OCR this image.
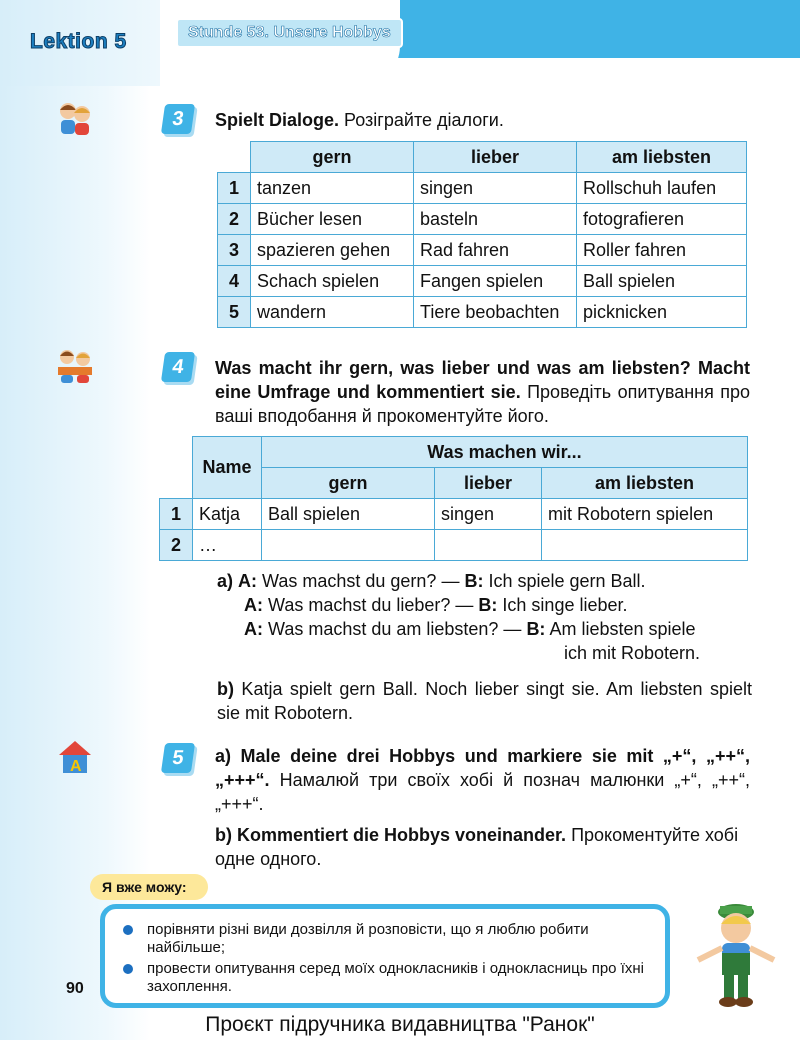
Lektion 5	Stunde 53. Unsere Hobbys
3	Spielt Dialoge. Розіграйте діалоги.
	gern	lieber	am liebsten
1	tanzen	singen	Rollschuh laufen
2	Bücher lesen	basteln	fotografieren
3	spazieren gehen	Rad fahren	Roller fahren
4	Schach spielen	Fangen spielen	Ball spielen
5	wandern	Tiere beobachten	picknicken
4	Was macht ihr gern, was lieber und was am liebsten? Macht eine Umfrage und kommentiert sie. Проведіть опитування про ваші вподобання й прокоментуйте його.
	Name	Was machen wir...		
		gern	lieber	am liebsten
1	Katja	Ball spielen	singen	mit Robotern spielen
2	…			
a) A: Was machst du gern? — B: Ich spiele gern Ball.
A: Was machst du lieber? — B: Ich singe lieber.
A: Was machst du am liebsten? — B: Am liebsten spiele
ich mit Robotern.
b) Katja spielt gern Ball. Noch lieber singt sie. Am liebsten spielt sie mit Robotern.
A	5	a) Male deine drei Hobbys und markiere sie mit „+“, „++“, „+++“. Намалюй три своїх хобі й познач малюнки „+“, „++“, „+++“.
b) Kommentiert die Hobbys voneinander. Прокоментуйте хобі одне одного.
Я вже можу:
порівняти різні види дозвілля й розповісти, що я люблю робити найбільше;
провести опитування серед моїх однокласників і однокласниць про їхні захоплення.
90
Проєкт підручника видавництва "Ранок"
